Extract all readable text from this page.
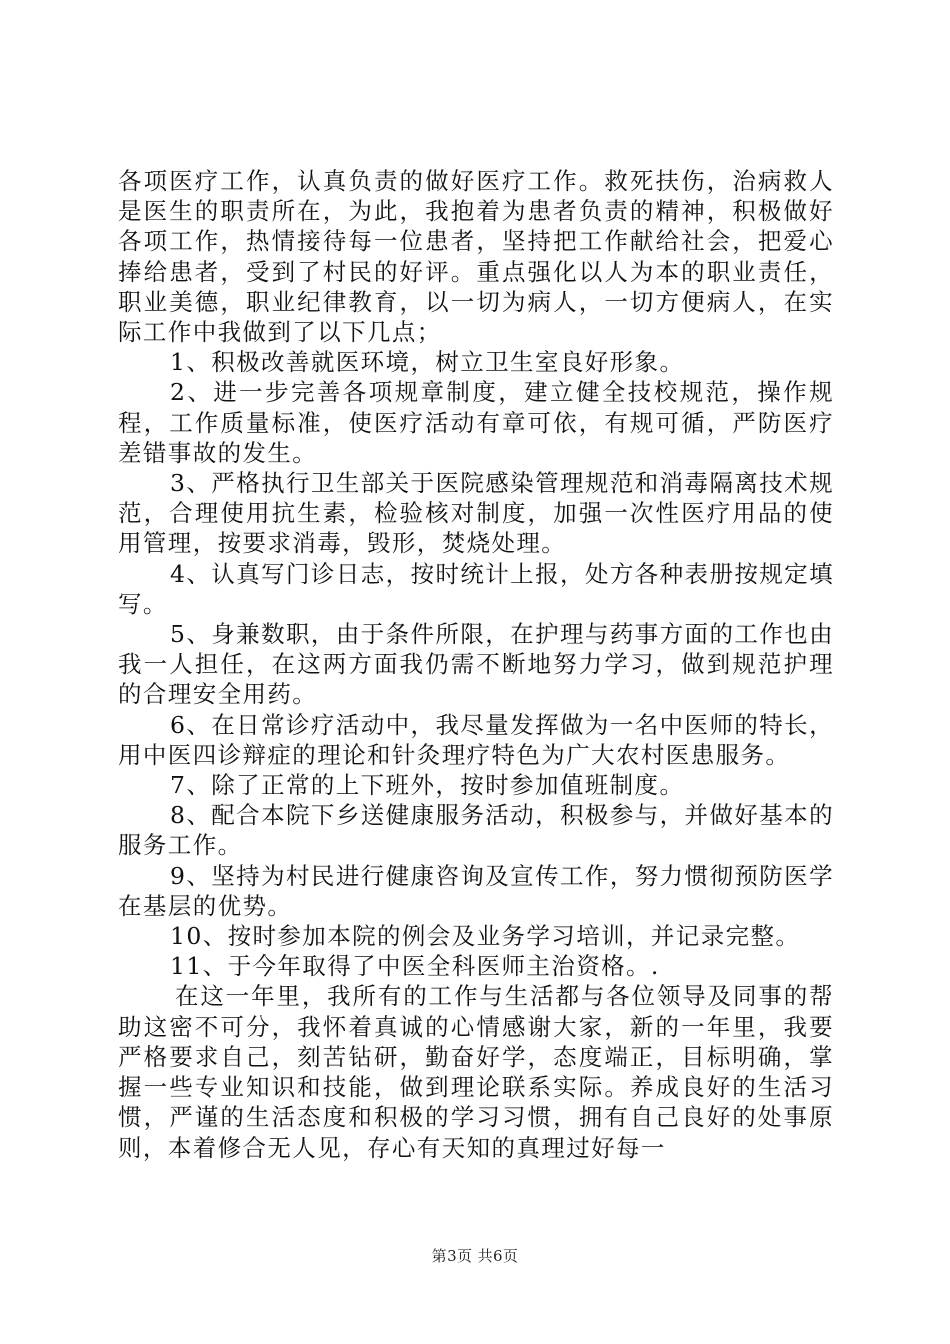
各项医疗工作，认真负责的做好医疗工作。救死扶伤，治病救人是医生的职责所在，为此，我抱着为患者负责的精神，积极做好各项工作，热情接待每一位患者，坚持把工作献给社会，把爱心捧给患者，受到了村民的好评。重点强化以人为本的职业责任，职业美德，职业纪律教育，以一切为病人，一切方便病人，在实际工作中我做到了以下几点；

1、积极改善就医环境，树立卫生室良好形象。

2、进一步完善各项规章制度，建立健全技校规范，操作规程，工作质量标准，使医疗活动有章可依，有规可循，严防医疗差错事故的发生。

3、严格执行卫生部关于医院感染管理规范和消毒隔离技术规范，合理使用抗生素，检验核对制度，加强一次性医疗用品的使用管理，按要求消毒，毁形，焚烧处理。

4、认真写门诊日志，按时统计上报，处方各种表册按规定填写。

5、身兼数职，由于条件所限，在护理与药事方面的工作也由我一人担任，在这两方面我仍需不断地努力学习，做到规范护理的合理安全用药。

6、在日常诊疗活动中，我尽量发挥做为一名中医师的特长，用中医四诊辩症的理论和针灸理疗特色为广大农村医患服务。

7、除了正常的上下班外，按时参加值班制度。

8、配合本院下乡送健康服务活动，积极参与，并做好基本的服务工作。

9、坚持为村民进行健康咨询及宣传工作，努力惯彻预防医学在基层的优势。

10、按时参加本院的例会及业务学习培训，并记录完整。

11、于今年取得了中医全科医师主治资格。.

在这一年里，我所有的工作与生活都与各位领导及同事的帮助这密不可分，我怀着真诚的心情感谢大家，新的一年里，我要严格要求自己，刻苦钻研，勤奋好学，态度端正，目标明确，掌握一些专业知识和技能，做到理论联系实际。养成良好的生活习惯，严谨的生活态度和积极的学习习惯，拥有自己良好的处事原则，本着修合无人见，存心有天知的真理过好每一

第3页 共6页
